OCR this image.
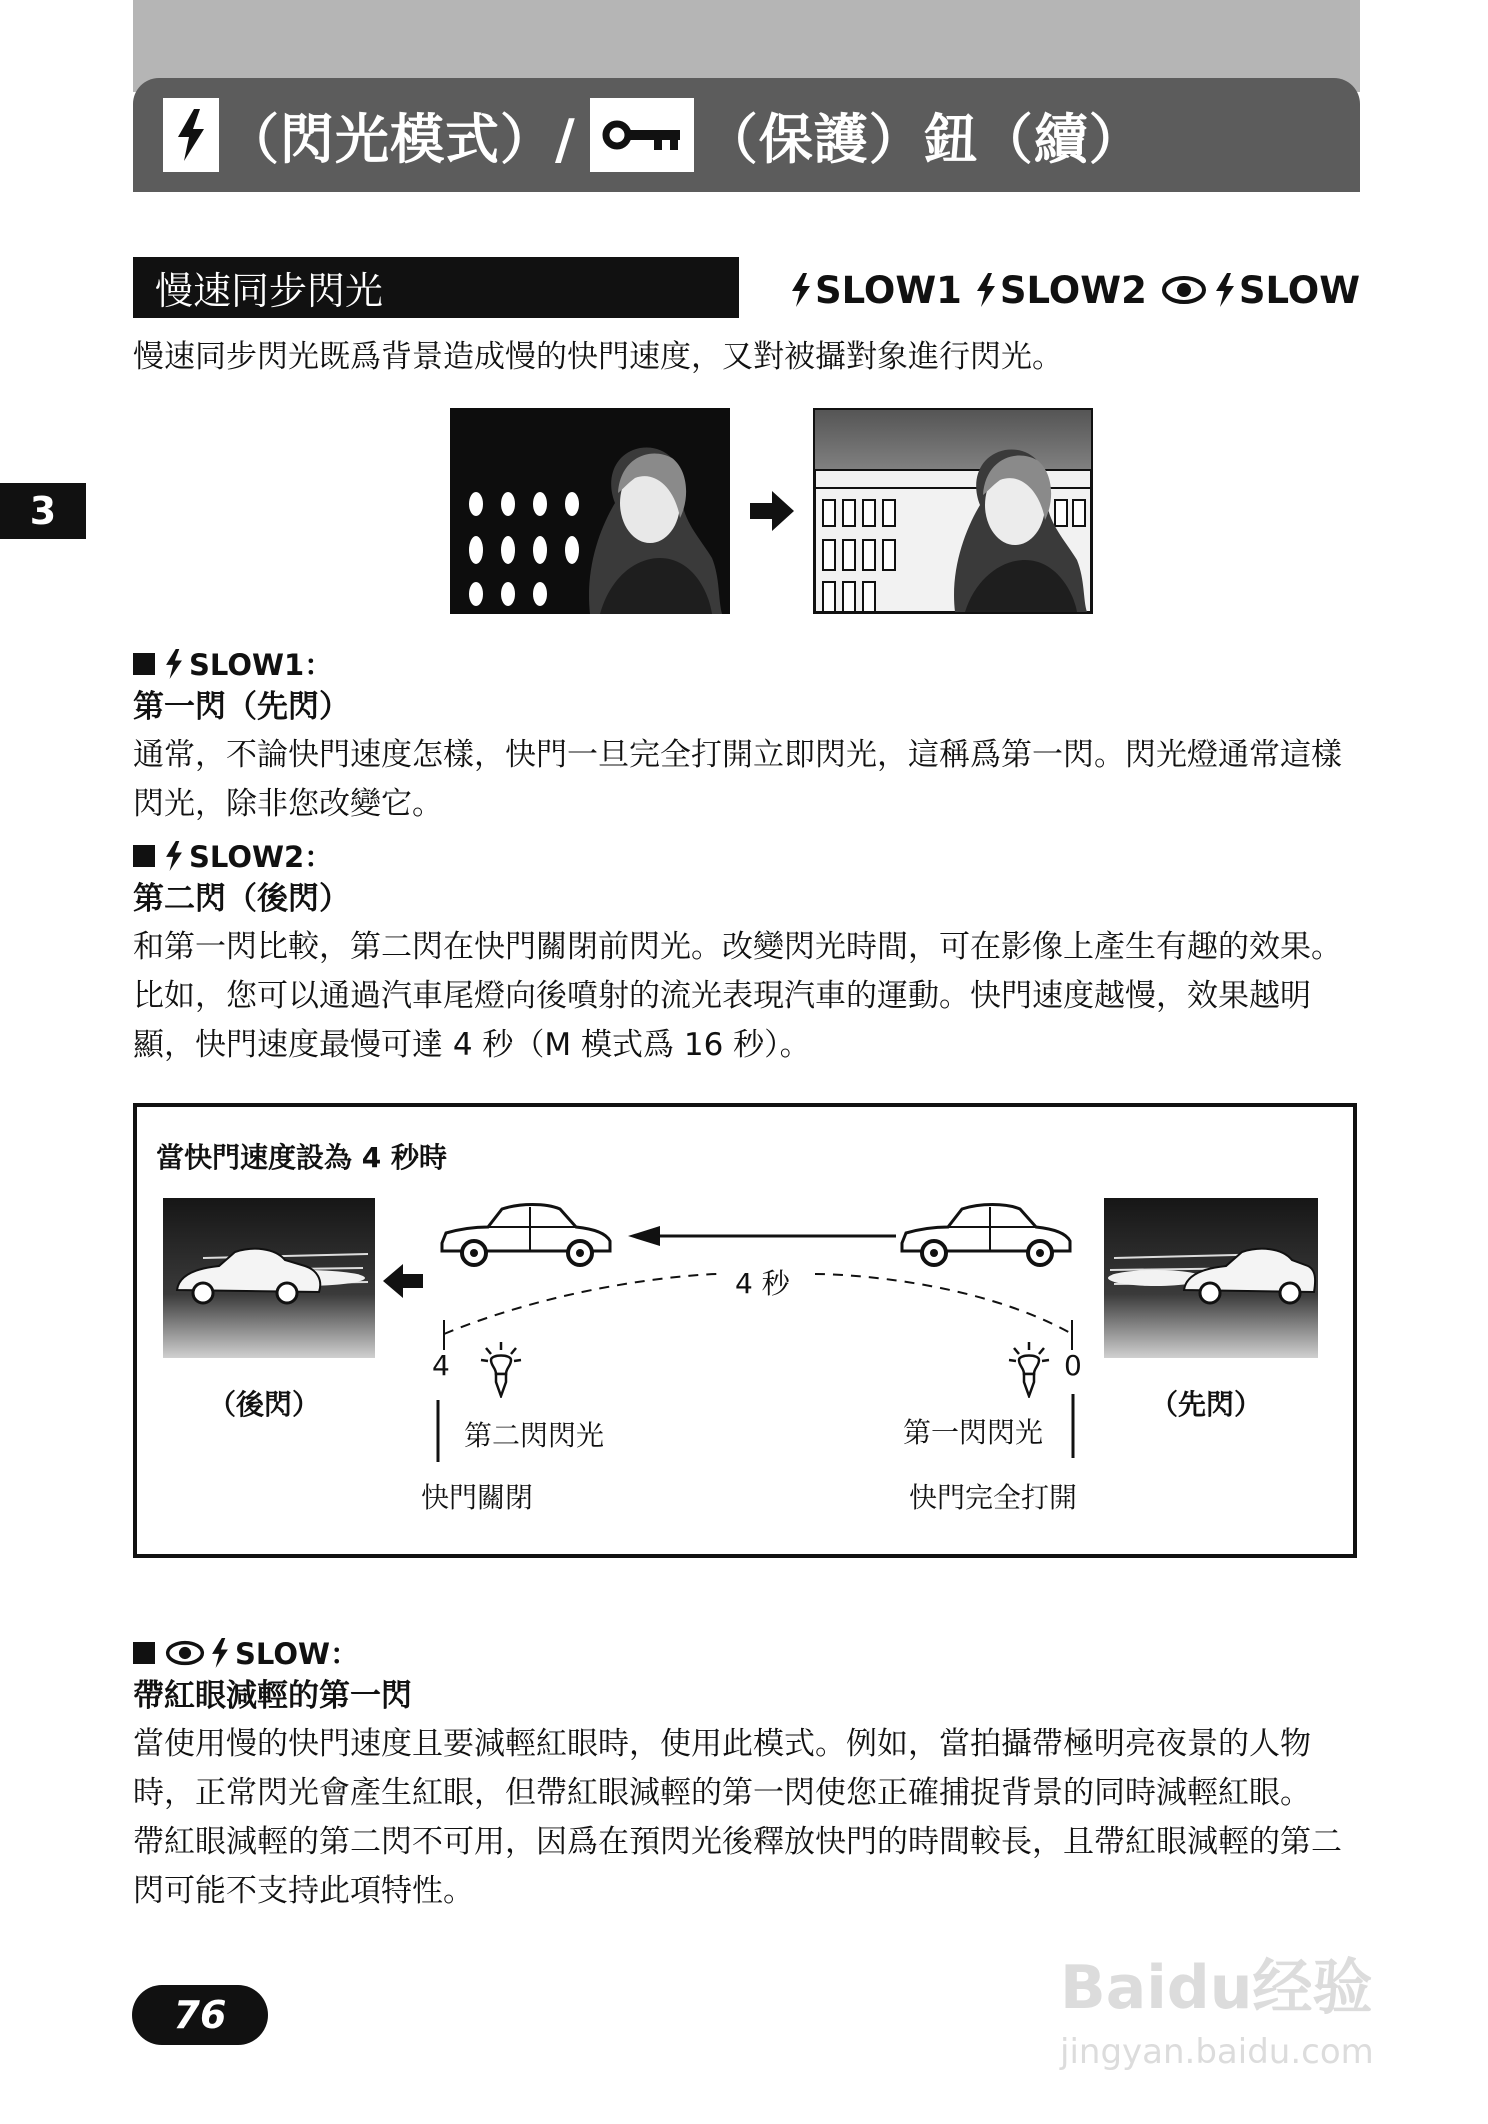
（閃光模式）/ （保護）鈕（續）
3
慢速同步閃光	SLOW1 SLOW2 SLOW
慢速同步閃光既爲背景造成慢的快門速度，又對被攝對象進行閃光。
SLOW1：
第一閃（先閃）
通常，不論快門速度怎樣，快門一旦完全打開立即閃光，這稱爲第一閃。閃光燈通常這樣
閃光，除非您改變它。
SLOW2：
第二閃（後閃）
和第一閃比較，第二閃在快門關閉前閃光。改變閃光時間，可在影像上產生有趣的效果。
比如，您可以通過汽車尾燈向後噴射的流光表現汽車的運動。快門速度越慢，效果越明
顯，快門速度最慢可達 4 秒（M 模式爲 16 秒）。
當快門速度設為 4 秒時
4 秒
4	0
（後閃）	（先閃）
第二閃閃光	第一閃閃光
快門關閉	快門完全打開
SLOW：
帶紅眼減輕的第一閃
當使用慢的快門速度且要減輕紅眼時，使用此模式。例如，當拍攝帶極明亮夜景的人物
時，正常閃光會產生紅眼，但帶紅眼減輕的第一閃使您正確捕捉背景的同時減輕紅眼。
帶紅眼減輕的第二閃不可用，因爲在預閃光後釋放快門的時間較長，且帶紅眼減輕的第二
閃可能不支持此項特性。
76	Baidu经验
jingyan.baidu.com
